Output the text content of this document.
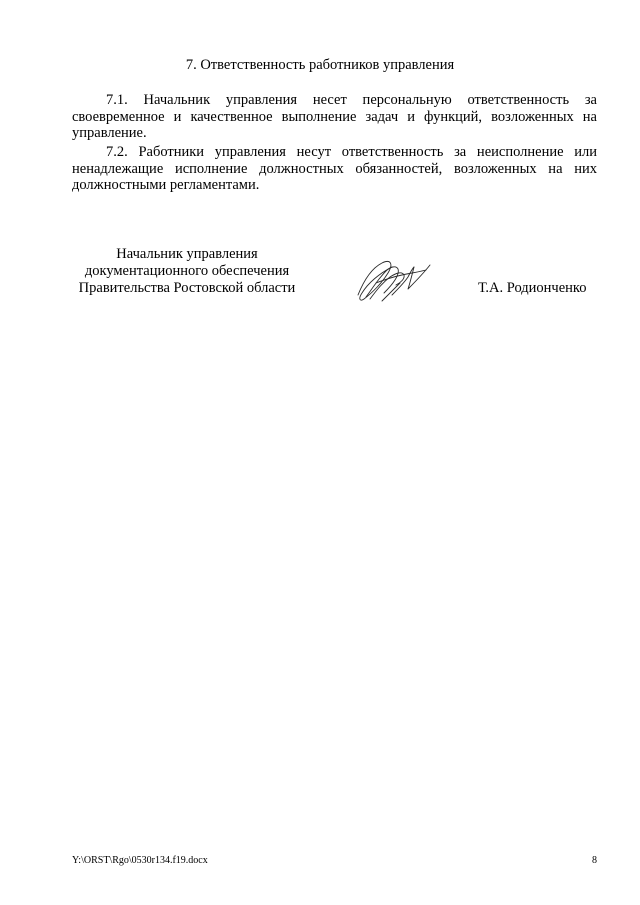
7. Ответственность работников управления

7.1. Начальник управления несет персональную ответственность за своевременное и качественное выполнение задач и функций, возложенных на управление.

7.2. Работники управления несут ответственность за неисполнение или ненадлежащие исполнение должностных обязанностей, возложенных на них должностными регламентами.

Начальник управления
документационного обеспечения
Правительства Ростовской области	Т.А. Родионченко
Y:\ORST\Rgo\0530r134.f19.docx	8
